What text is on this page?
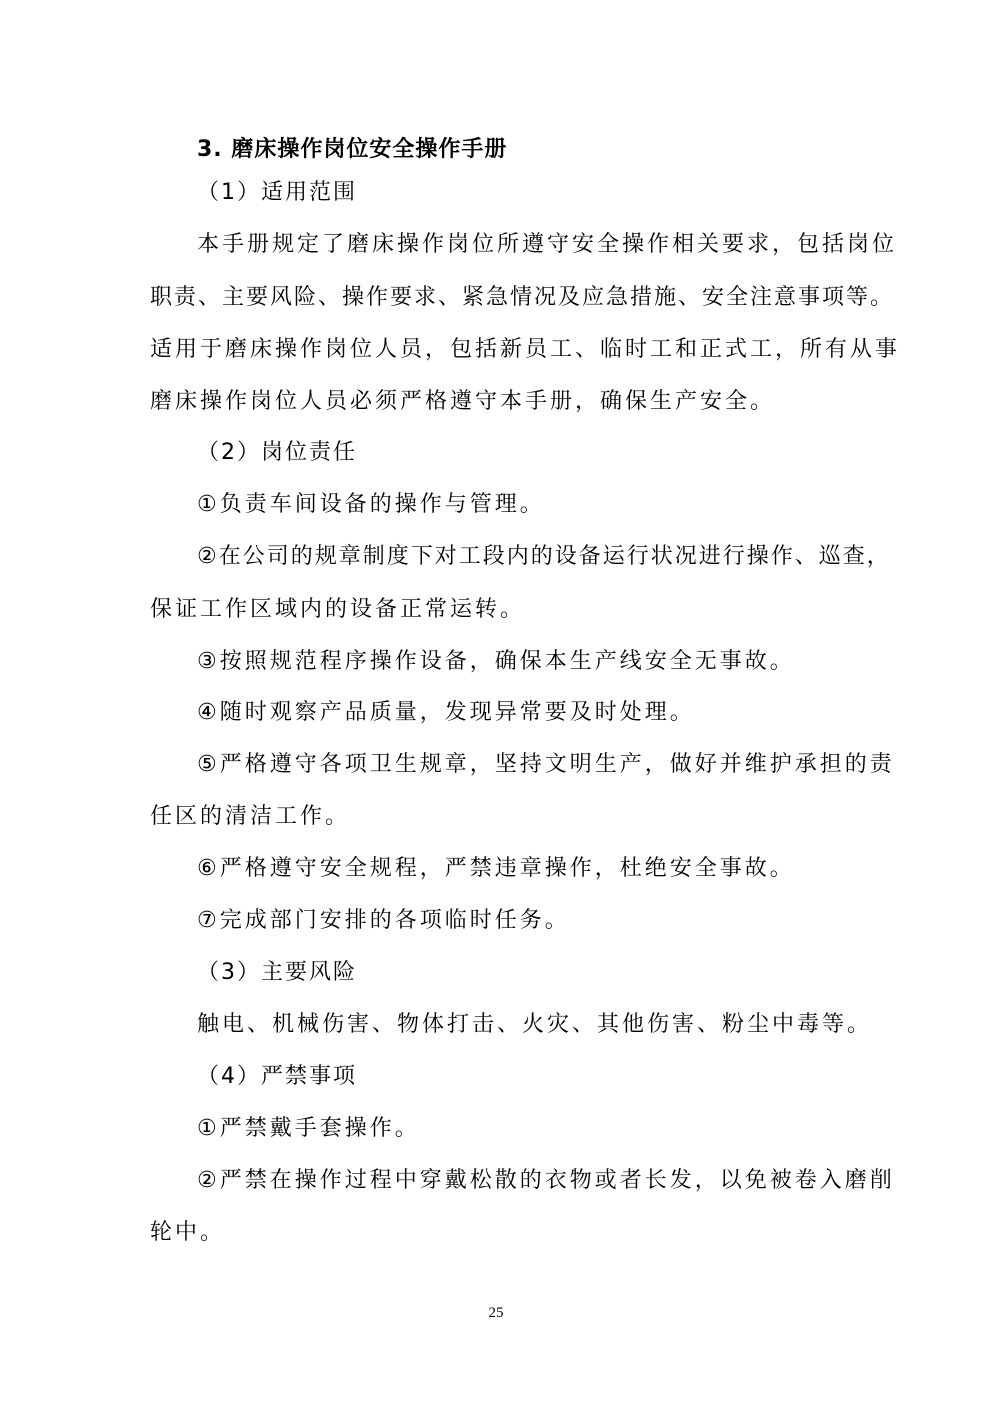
3. 磨床操作岗位安全操作手册
（1）适用范围
本手册规定了磨床操作岗位所遵守安全操作相关要求，包括岗位
职责、主要风险、操作要求、紧急情况及应急措施、安全注意事项等。
适用于磨床操作岗位人员，包括新员工、临时工和正式工，所有从事
磨床操作岗位人员必须严格遵守本手册，确保生产安全。
（2）岗位责任
①负责车间设备的操作与管理。
②在公司的规章制度下对工段内的设备运行状况进行操作、巡查，
保证工作区域内的设备正常运转。
③按照规范程序操作设备，确保本生产线安全无事故。
④随时观察产品质量，发现异常要及时处理。
⑤严格遵守各项卫生规章，坚持文明生产，做好并维护承担的责
任区的清洁工作。
⑥严格遵守安全规程，严禁违章操作，杜绝安全事故。
⑦完成部门安排的各项临时任务。
（3）主要风险
触电、机械伤害、物体打击、火灾、其他伤害、粉尘中毒等。
（4）严禁事项
①严禁戴手套操作。
②严禁在操作过程中穿戴松散的衣物或者长发，以免被卷入磨削
轮中。
25
